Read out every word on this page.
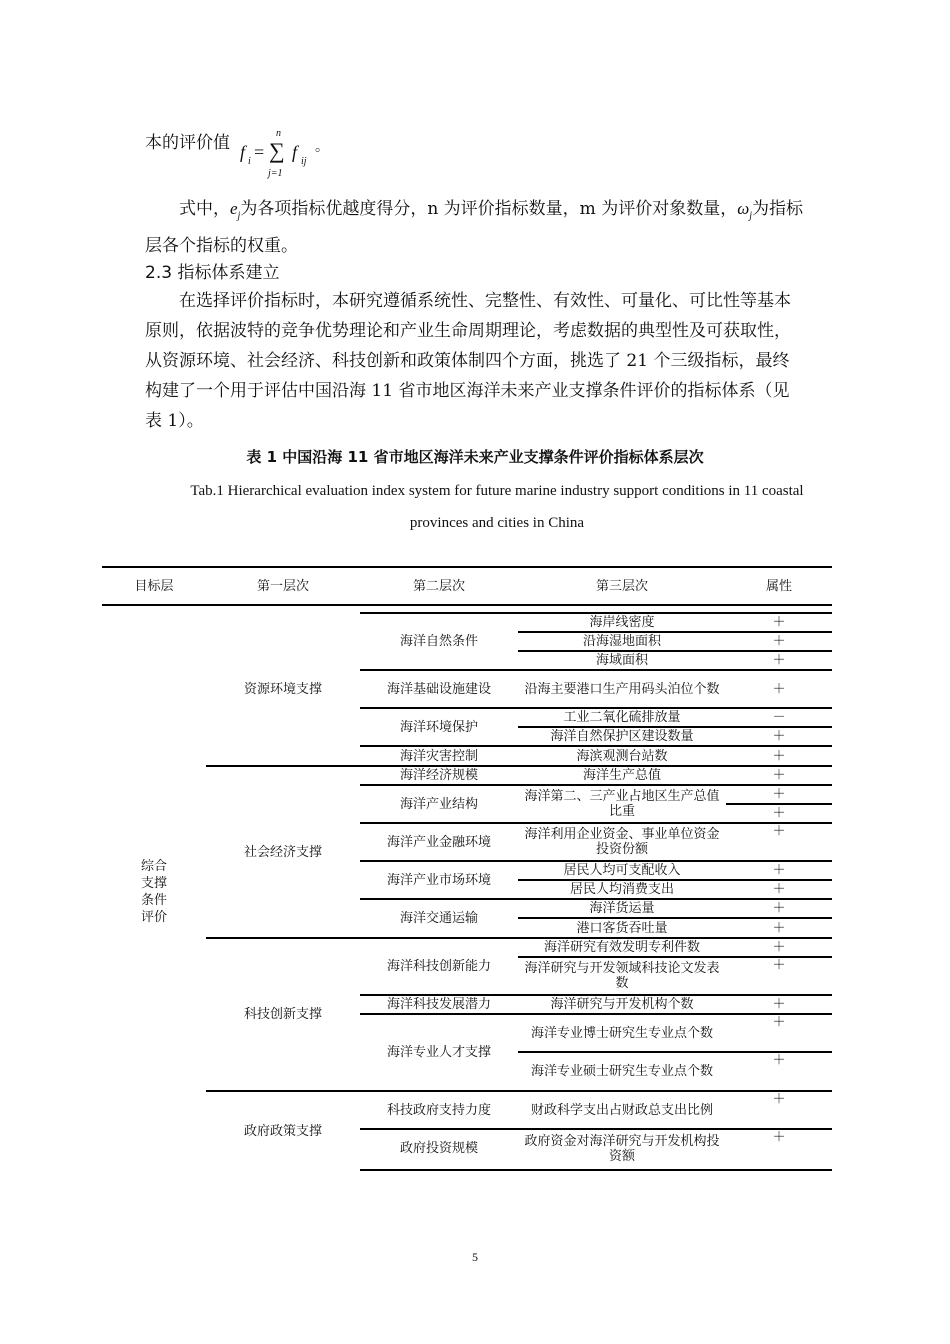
本的评价值 f i =
n
∑
j=1
f ij
。
式中，$e_j$为各项指标优越度得分，n 为评价指标数量，m 为评价对象数量，$\omega_j$为指标层各个指标的权重。
2.3 指标体系建立
在选择评价指标时，本研究遵循系统性、完整性、有效性、可量化、可比性等基本原则，依据波特的竞争优势理论和产业生命周期理论，考虑数据的典型性及可获取性，从资源环境、社会经济、科技创新和政策体制四个方面，挑选了 21 个三级指标，最终构建了一个用于评估中国沿海 11 省市地区海洋未来产业支撑条件评价的指标体系（见表 1）。
表 1 中国沿海 11 省市地区海洋未来产业支撑条件评价指标体系层次
Tab.1 Hierarchical evaluation index system for future marine industry support conditions in 11 coastal provinces and cities in China
目标层	第一层次	第二层次	第三层次	属性

综合支撑条件评价	资源环境支撑	海洋自然条件	海岸线密度	＋
			沿海湿地面积	＋
			海域面积	＋
		海洋基础设施建设	沿海主要港口生产用码头泊位个数	＋
		海洋环境保护	工业二氧化硫排放量	－
			海洋自然保护区建设数量	＋
		海洋灾害控制	海滨观测台站数	＋

	社会经济支撑	海洋经济规模	海洋生产总值	＋
		海洋产业结构	海洋第二、三产业占地区生产总值比重	＋
				＋
		海洋产业金融环境	海洋利用企业资金、事业单位资金投资份额	＋
		海洋产业市场环境	居民人均可支配收入	＋
			居民人均消费支出	＋
		海洋交通运输	海洋货运量	＋
			港口客货吞吐量	＋

	科技创新支撑	海洋科技创新能力	海洋研究有效发明专利件数	＋
			海洋研究与开发领域科技论文发表数	＋
		海洋科技发展潜力	海洋研究与开发机构个数	＋
		海洋专业人才支撑	海洋专业博士研究生专业点个数	＋
			海洋专业硕士研究生专业点个数	＋

	政府政策支撑	科技政府支持力度	财政科学支出占财政总支出比例	＋
		政府投资规模	政府资金对海洋研究与开发机构投资额	＋

5
